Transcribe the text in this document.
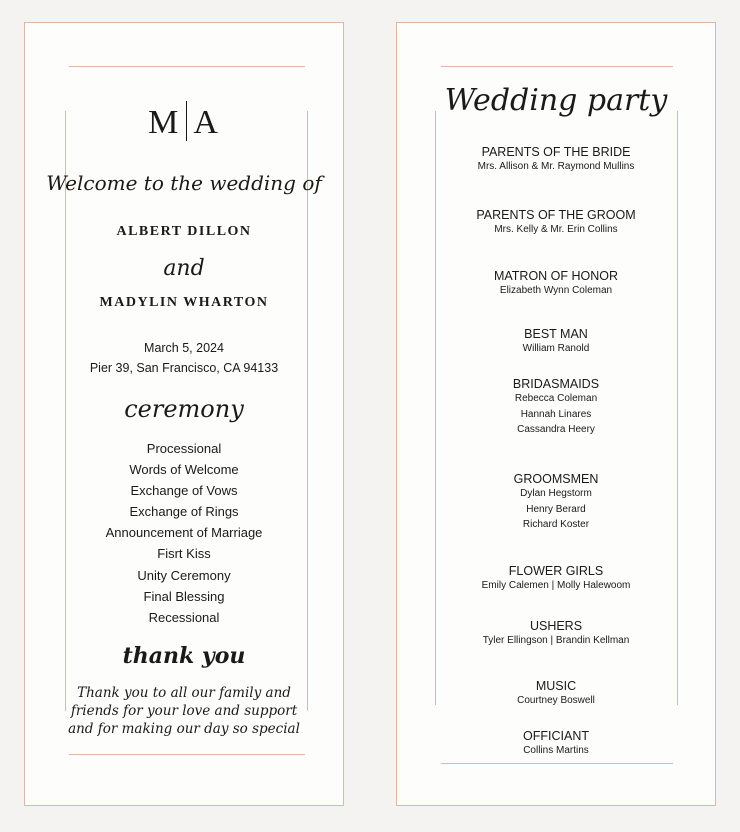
M A
Welcome to the wedding of
ALBERT DILLON
and
MADYLIN WHARTON
March 5, 2024
Pier 39, San Francisco, CA 94133
ceremony
Processional
Words of Welcome
Exchange of Vows
Exchange of Rings
Announcement of Marriage
Fisrt Kiss
Unity Ceremony
Final Blessing
Recessional
thank you
Thank you to all our family and
friends for your love and support
and for making our day so special
Wedding party
PARENTS OF THE BRIDE
Mrs. Allison & Mr. Raymond Mullins
PARENTS OF THE GROOM
Mrs. Kelly & Mr. Erin Collins
MATRON OF HONOR
Elizabeth Wynn Coleman
BEST MAN
William Ranold
BRIDASMAIDS
Rebecca Coleman
Hannah Linares
Cassandra Heery
GROOMSMEN
Dylan Hegstorm
Henry Berard
Richard Koster
FLOWER GIRLS
Emily Calemen | Molly Halewoom
USHERS
Tyler Ellingson | Brandin Kellman
MUSIC
Courtney Boswell
OFFICIANT
Collins Martins
